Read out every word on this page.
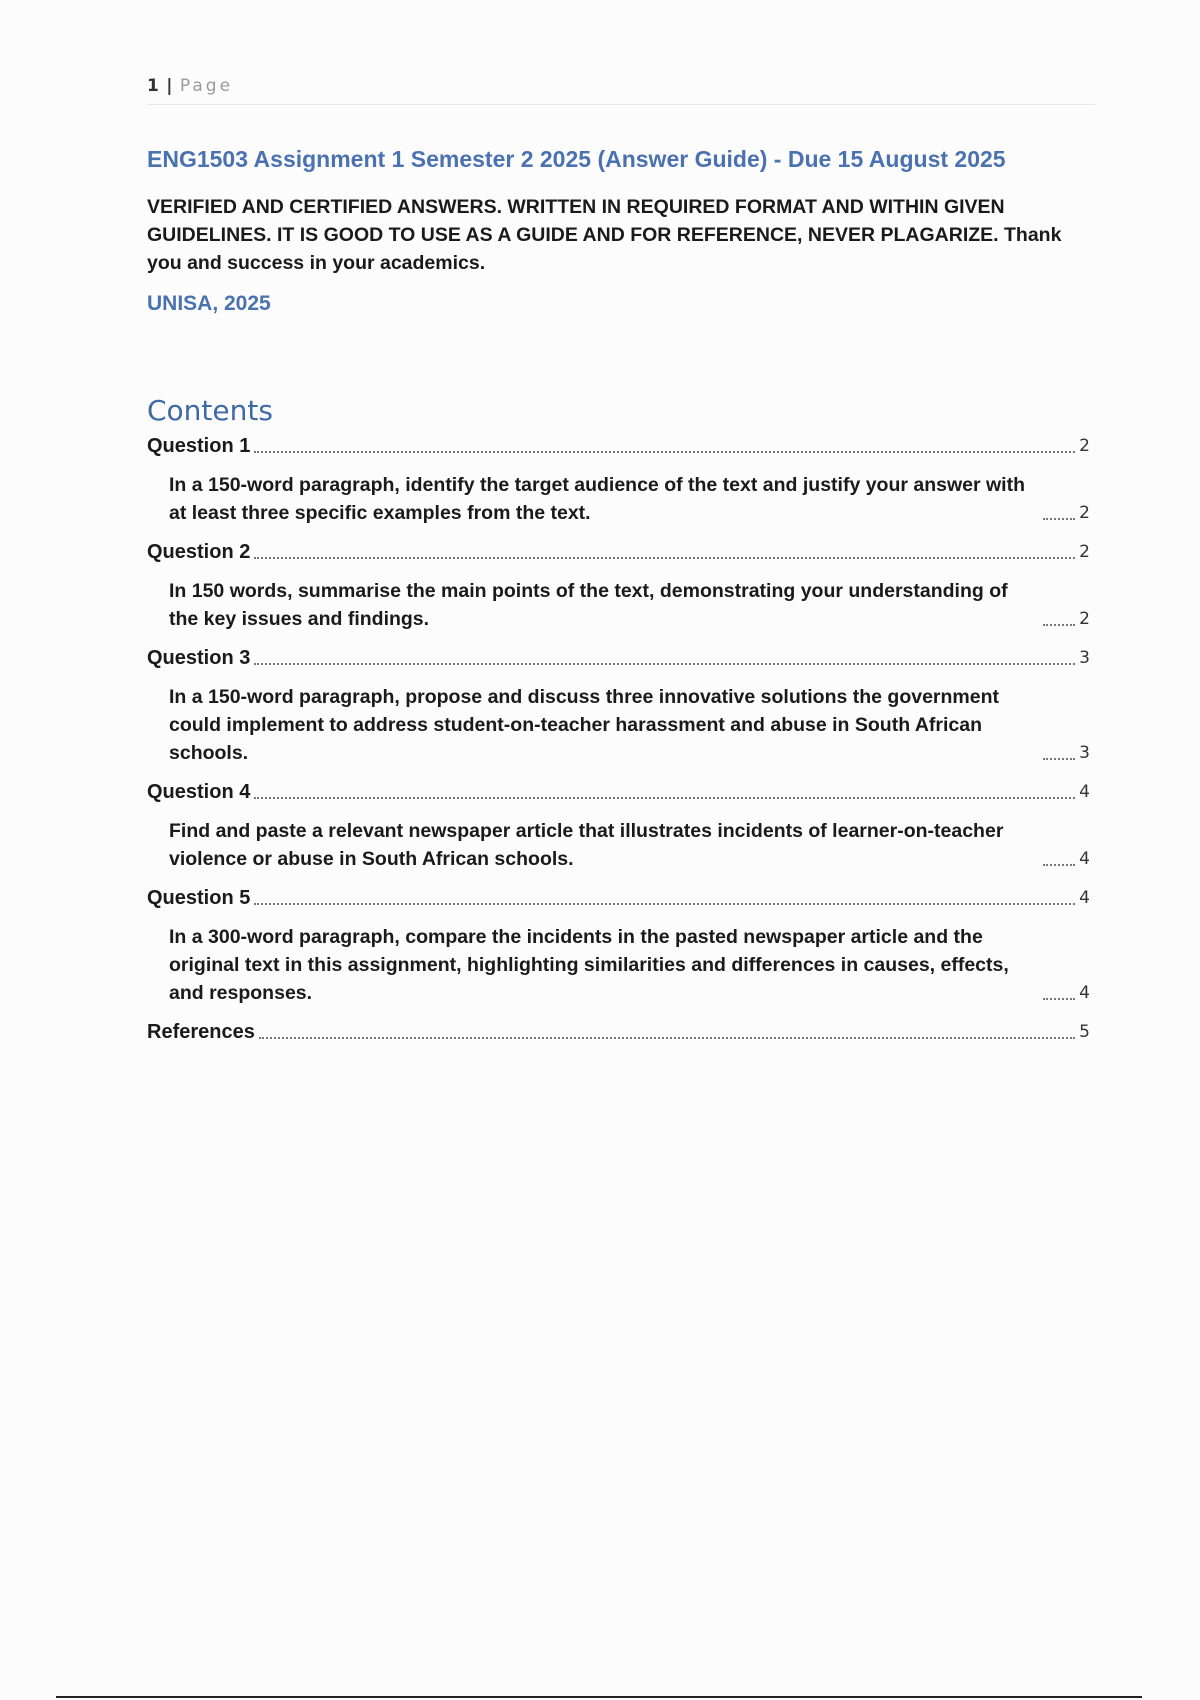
1 | Page
ENG1503 Assignment 1 Semester 2 2025 (Answer Guide) - Due 15 August 2025
VERIFIED AND CERTIFIED ANSWERS. WRITTEN IN REQUIRED FORMAT AND WITHIN GIVEN GUIDELINES. IT IS GOOD TO USE AS A GUIDE AND FOR REFERENCE, NEVER PLAGARIZE. Thank you and success in your academics.
UNISA, 2025
Contents
Question 1	2
In a 150-word paragraph, identify the target audience of the text and justify your answer with at least three specific examples from the text.	2
Question 2	2
In 150 words, summarise the main points of the text, demonstrating your understanding of the key issues and findings.	2
Question 3	3
In a 150-word paragraph, propose and discuss three innovative solutions the government could implement to address student-on-teacher harassment and abuse in South African schools.	3
Question 4	4
Find and paste a relevant newspaper article that illustrates incidents of learner-on-teacher violence or abuse in South African schools.	4
Question 5	4
In a 300-word paragraph, compare the incidents in the pasted newspaper article and the original text in this assignment, highlighting similarities and differences in causes, effects, and responses.	4
References	5
